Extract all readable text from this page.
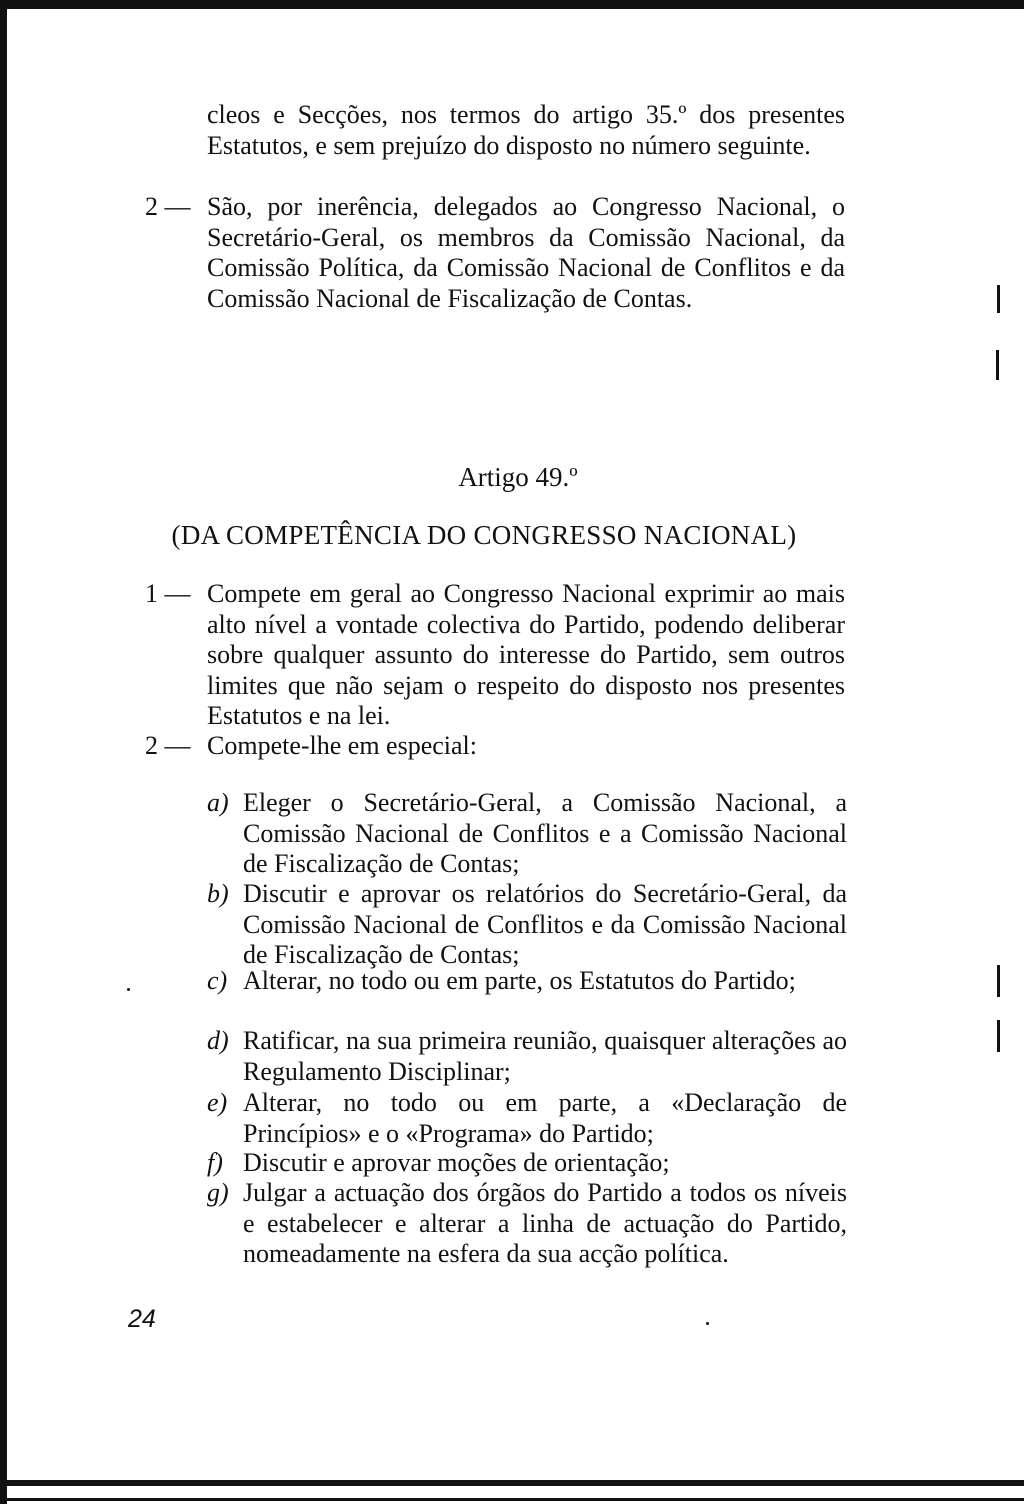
cleos e Secções, nos termos do artigo 35.º dos presentes Estatutos, e sem prejuízo do disposto no número seguinte.
2 — São, por inerência, delegados ao Congresso Nacional, o Secretário-Geral, os membros da Comissão Nacional, da Comissão Política, da Comissão Nacional de Conflitos e da Comissão Nacional de Fiscalização de Contas.
Artigo 49.º
(DA COMPETÊNCIA DO CONGRESSO NACIONAL)
1 — Compete em geral ao Congresso Nacional exprimir ao mais alto nível a vontade colectiva do Partido, podendo deliberar sobre qualquer assunto do interesse do Partido, sem outros limites que não sejam o respeito do disposto nos presentes Estatutos e na lei.
2 — Compete-lhe em especial:
a) Eleger o Secretário-Geral, a Comissão Nacional, a Comissão Nacional de Conflitos e a Comissão Nacional de Fiscalização de Contas;
b) Discutir e aprovar os relatórios do Secretário-Geral, da Comissão Nacional de Conflitos e da Comissão Nacional de Fiscalização de Contas;
c) Alterar, no todo ou em parte, os Estatutos do Partido;
d) Ratificar, na sua primeira reunião, quaisquer alterações ao Regulamento Disciplinar;
e) Alterar, no todo ou em parte, a «Declaração de Princípios» e o «Programa» do Partido;
f) Discutir e aprovar moções de orientação;
g) Julgar a actuação dos órgãos do Partido a todos os níveis e estabelecer e alterar a linha de actuação do Partido, nomeadamente na esfera da sua acção política.
24
